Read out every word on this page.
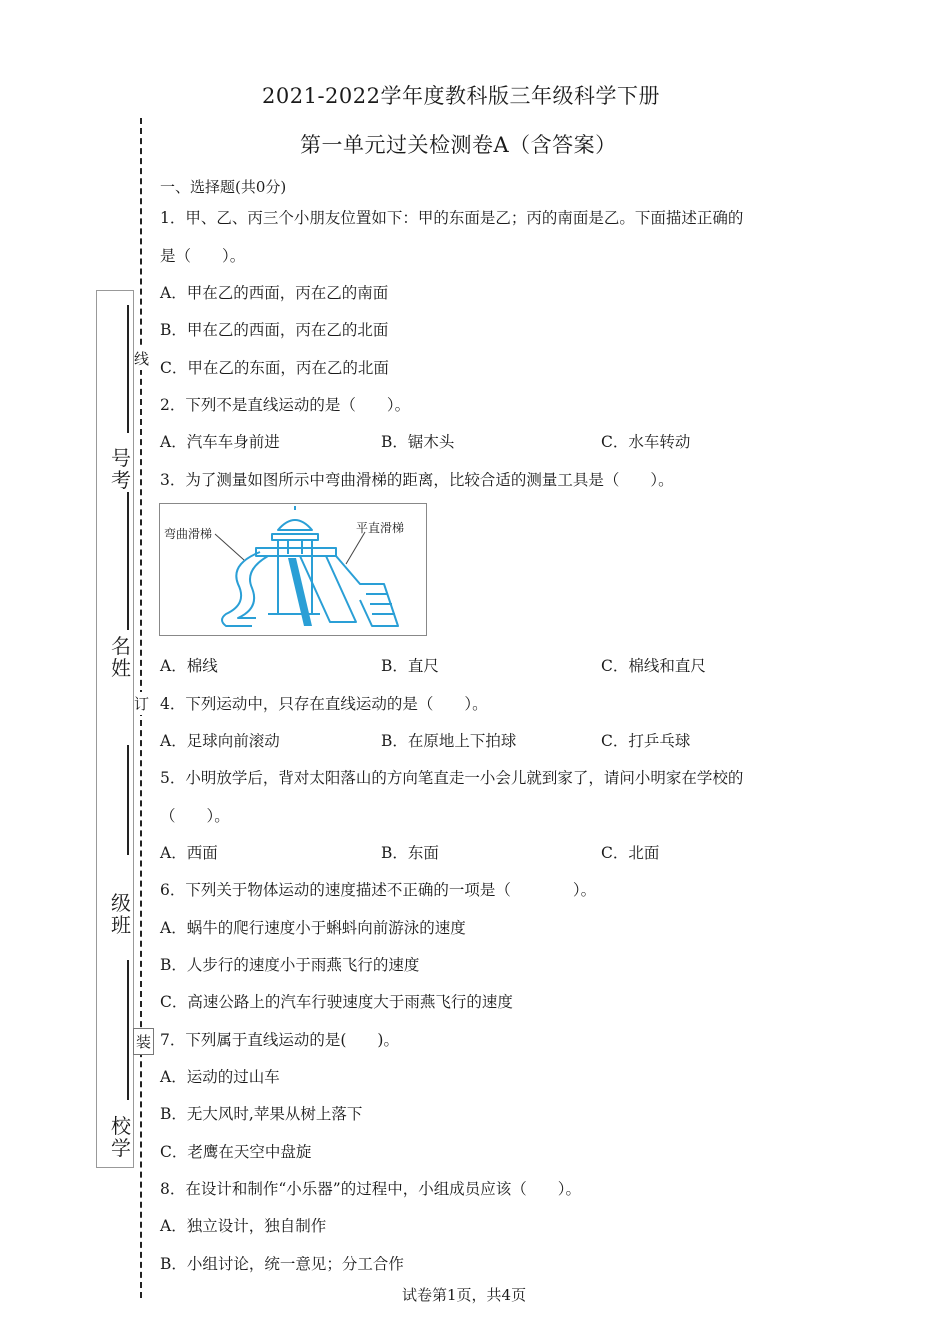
号考
名姓
级班
校学
线
订
装
2021-2022学年度教科版三年级科学下册
第一单元过关检测卷A（含答案）
一、选择题(共0分)
1．甲、乙、丙三个小朋友位置如下：甲的东面是乙；丙的南面是乙。下面描述正确的
是（　　）。
A．甲在乙的西面，丙在乙的南面
B．甲在乙的西面，丙在乙的北面
C．甲在乙的东面，丙在乙的北面
2．下列不是直线运动的是（　　）。
A．汽车车身前进	B．锯木头	C．水车转动
3．为了测量如图所示中弯曲滑梯的距离，比较合适的测量工具是（　　）。
弯曲滑梯	平直滑梯
A．棉线	B．直尺	C．棉线和直尺
4．下列运动中，只存在直线运动的是（　　）。
A．足球向前滚动	B．在原地上下拍球	C．打乒乓球
5．小明放学后，背对太阳落山的方向笔直走一小会儿就到家了，请问小明家在学校的
（　　）。
A．西面	B．东面	C．北面
6．下列关于物体运动的速度描述不正确的一项是（　　　　）。
A．蜗牛的爬行速度小于蝌蚪向前游泳的速度
B．人步行的速度小于雨燕飞行的速度
C．高速公路上的汽车行驶速度大于雨燕飞行的速度
7．下列属于直线运动的是(　　)。
A．运动的过山车
B．无大风时,苹果从树上落下
C．老鹰在天空中盘旋
8．在设计和制作“小乐器”的过程中，小组成员应该（　　）。
A．独立设计，独自制作
B．小组讨论，统一意见；分工合作
试卷第1页，共4页
